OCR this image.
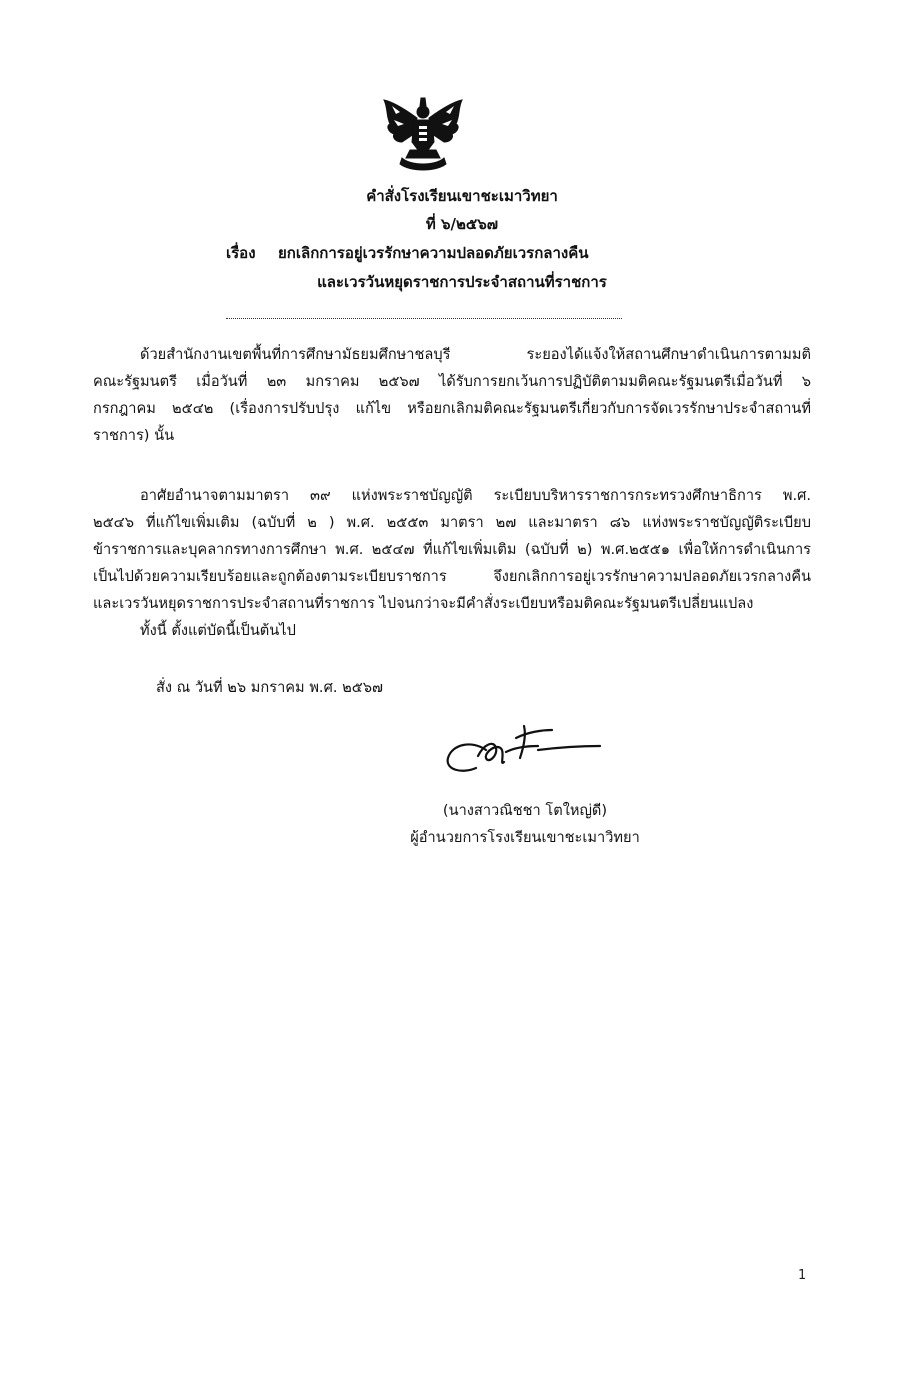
คำสั่งโรงเรียนเขาชะเมาวิทยา
ที่ ๖/๒๕๖๗
เรื่อง ยกเลิกการอยู่เวรรักษาความปลอดภัยเวรกลางคืน
และเวรวันหยุดราชการประจำสถานที่ราชการ
ด้วยสำนักงานเขตพื้นที่การศึกษามัธยมศึกษาชลบุรี ระยองได้แจ้งให้สถานศึกษาดำเนินการตามมติ
คณะรัฐมนตรี เมื่อวันที่ ๒๓ มกราคม ๒๕๖๗ ได้รับการยกเว้นการปฏิบัติตามมติคณะรัฐมนตรีเมื่อวันที่ ๖
กรกฎาคม ๒๕๔๒ (เรื่องการปรับปรุง แก้ไข หรือยกเลิกมติคณะรัฐมนตรีเกี่ยวกับการจัดเวรรักษาประจำสถานที่
ราชการ) นั้น
อาศัยอำนาจตามมาตรา ๓๙ แห่งพระราชบัญญัติ ระเบียบบริหารราชการกระทรวงศึกษาธิการ พ.ศ.
๒๕๔๖ ที่แก้ไขเพิ่มเติม (ฉบับที่ ๒ ) พ.ศ. ๒๕๕๓ มาตรา ๒๗ และมาตรา ๘๖ แห่งพระราชบัญญัติระเบียบ
ข้าราชการและบุคลากรทางการศึกษา พ.ศ. ๒๕๔๗ ที่แก้ไขเพิ่มเติม (ฉบับที่ ๒) พ.ศ.๒๕๕๑ เพื่อให้การดำเนินการ
เป็นไปด้วยความเรียบร้อยและถูกต้องตามระเบียบราชการ จึงยกเลิกการอยู่เวรรักษาความปลอดภัยเวรกลางคืน
และเวรวันหยุดราชการประจำสถานที่ราชการ ไปจนกว่าจะมีคำสั่งระเบียบหรือมติคณะรัฐมนตรีเปลี่ยนแปลง
ทั้งนี้ ตั้งแต่บัดนี้เป็นต้นไป
สั่ง ณ วันที่ ๒๖ มกราคม พ.ศ. ๒๕๖๗
(นางสาวณิชชา โตใหญ่ดี)
ผู้อำนวยการโรงเรียนเขาชะเมาวิทยา
1
